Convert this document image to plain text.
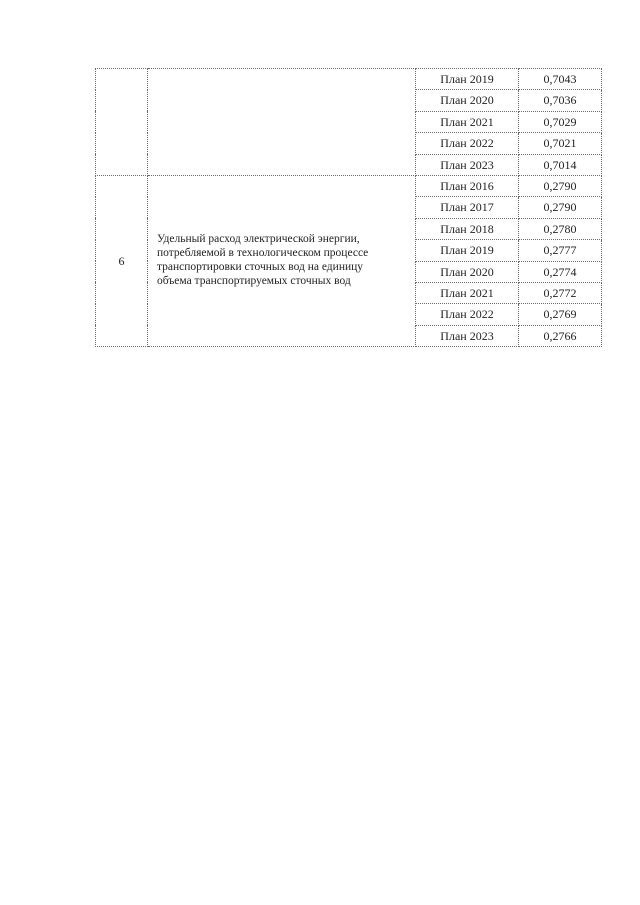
		План 2019	0,7043
		План 2020	0,7036
		План 2021	0,7029
		План 2022	0,7021
		План 2023	0,7014
6	Удельный расход электрической энергии,
потребляемой в технологическом процессе
транспортировки сточных вод на единицу
объема транспортируемых сточных вод	План 2016	0,2790
		План 2017	0,2790
		План 2018	0,2780
		План 2019	0,2777
		План 2020	0,2774
		План 2021	0,2772
		План 2022	0,2769
		План 2023	0,2766
